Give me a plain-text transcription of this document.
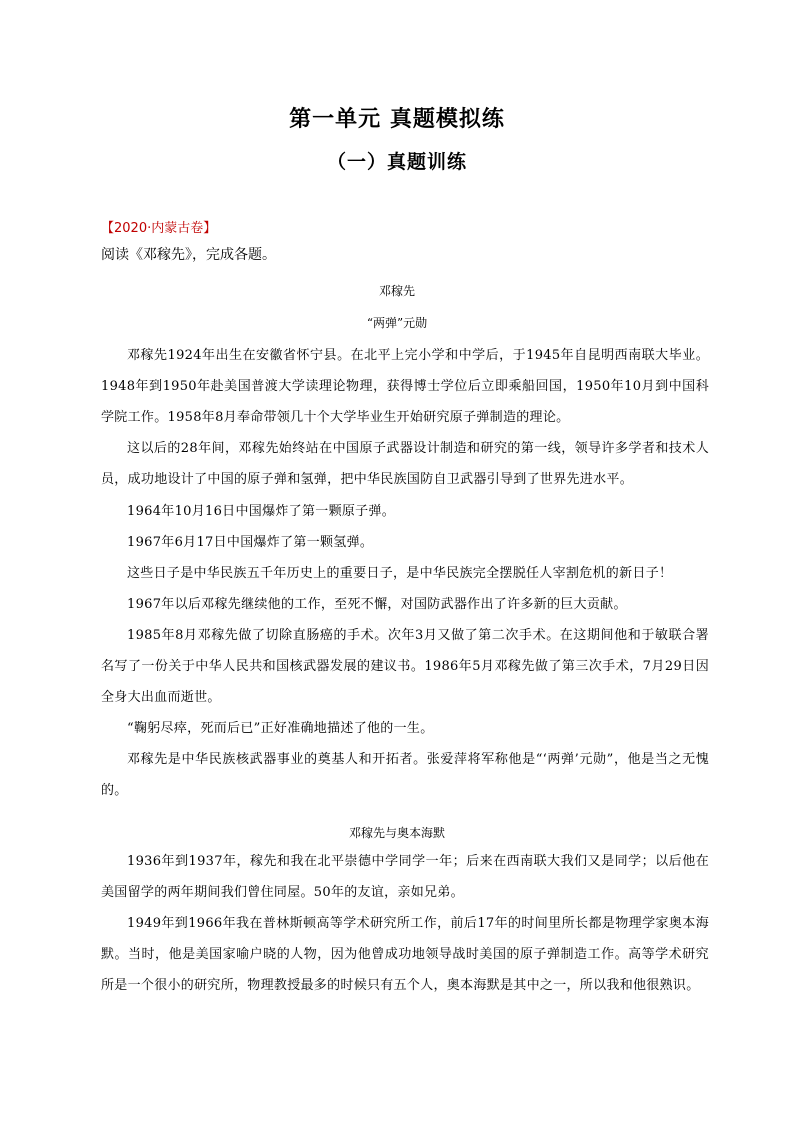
第一单元 真题模拟练
（一）真题训练
【2020·内蒙古卷】
阅读《邓稼先》，完成各题。
邓稼先
“两弹”元勋

邓稼先1924年出生在安徽省怀宁县。在北平上完小学和中学后，于1945年自昆明西南联大毕业。1948年到1950年赴美国普渡大学读理论物理，获得博士学位后立即乘船回国，1950年10月到中国科学院工作。1958年8月奉命带领几十个大学毕业生开始研究原子弹制造的理论。

这以后的28年间，邓稼先始终站在中国原子武器设计制造和研究的第一线，领导许多学者和技术人员，成功地设计了中国的原子弹和氢弹，把中华民族国防自卫武器引导到了世界先进水平。

1964年10月16日中国爆炸了第一颗原子弹。

1967年6月17日中国爆炸了第一颗氢弹。

这些日子是中华民族五千年历史上的重要日子，是中华民族完全摆脱任人宰割危机的新日子！

1967年以后邓稼先继续他的工作，至死不懈，对国防武器作出了许多新的巨大贡献。

1985年8月邓稼先做了切除直肠癌的手术。次年3月又做了第二次手术。在这期间他和于敏联合署名写了一份关于中华人民共和国核武器发展的建议书。1986年5月邓稼先做了第三次手术，7月29日因全身大出血而逝世。

“鞠躬尽瘁，死而后已”正好准确地描述了他的一生。

邓稼先是中华民族核武器事业的奠基人和开拓者。张爱萍将军称他是“‘两弹’元勋”，他是当之无愧的。

邓稼先与奥本海默

1936年到1937年，稼先和我在北平崇德中学同学一年；后来在西南联大我们又是同学；以后他在美国留学的两年期间我们曾住同屋。50年的友谊，亲如兄弟。

1949年到1966年我在普林斯顿高等学术研究所工作，前后17年的时间里所长都是物理学家奥本海默。当时，他是美国家喻户晓的人物，因为他曾成功地领导战时美国的原子弹制造工作。高等学术研究所是一个很小的研究所，物理教授最多的时候只有五个人，奥本海默是其中之一，所以我和他很熟识。
